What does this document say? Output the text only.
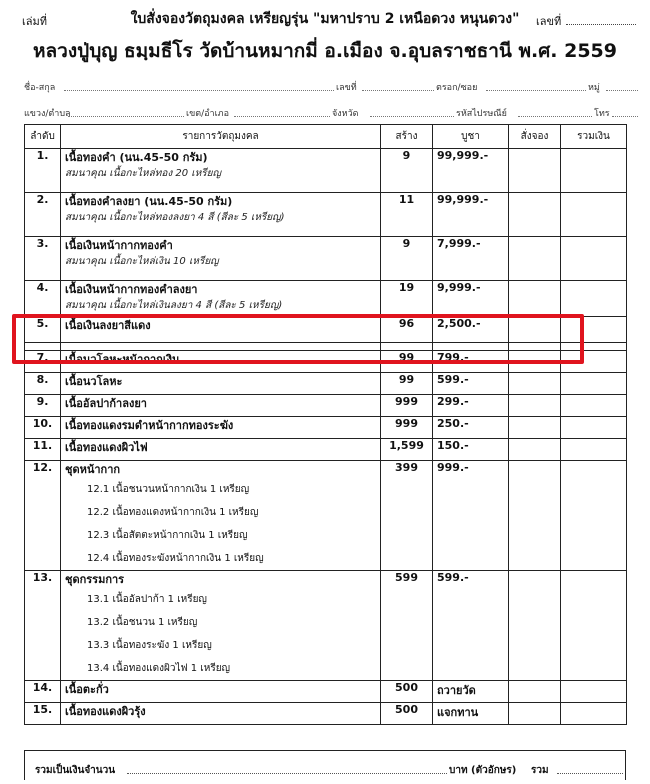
เล่มที่	ใบสั่งจองวัตถุมงคล เหรียญรุ่น "มหาปราบ 2 เหนือดวง หนุนดวง"	เลขที่
หลวงปู่บุญ ธมฺมธีโร วัดบ้านหมากมี่ อ.เมือง จ.อุบลราชธานี พ.ศ. 2559
ชื่อ-สกุล	เลขที่	ตรอก/ซอย	หมู่
แขวง/ตำบล	เขต/อำเภอ	จังหวัด	รหัสไปรษณีย์	โทร
ลำดับ	รายการวัตถุมงคล	สร้าง	บูชา	สั่งจอง	รวมเงิน
1.	เนื้อทองคำ (นน.45-50 กรัม)
สมนาคุณ เนื้อกะไหล่ทอง 20 เหรียญ	9	99,999.-		
2.	เนื้อทองคำลงยา (นน.45-50 กรัม)
สมนาคุณ เนื้อกะไหล่ทองลงยา 4 สี (สีละ 5 เหรียญ)	11	99,999.-		
3.	เนื้อเงินหน้ากากทองคำ
สมนาคุณ เนื้อกะไหล่เงิน 10 เหรียญ	9	7,999.-		
4.	เนื้อเงินหน้ากากทองคำลงยา
สมนาคุณ เนื้อกะไหล่เงินลงยา 4 สี (สีละ 5 เหรียญ)	19	9,999.-		
5.	เนื้อเงินลงยาสีแดง	96	2,500.-		

7.	เนื้อนวโลหะหน้ากากเงิน	99	799.-		
8.	เนื้อนวโลหะ	99	599.-		
9.	เนื้ออัลปาก้าลงยา	999	299.-		
10.	เนื้อทองแดงรมดำหน้ากากทองระฆัง	999	250.-		
11.	เนื้อทองแดงผิวไฟ	1,599	150.-		
12.	ชุดหน้ากาก
12.1 เนื้อชนวนหน้ากากเงิน 1 เหรียญ
12.2 เนื้อทองแดงหน้ากากเงิน 1 เหรียญ
12.3 เนื้อสัตตะหน้ากากเงิน 1 เหรียญ
12.4 เนื้อทองระฆังหน้ากากเงิน 1 เหรียญ	399	999.-		
13.	ชุดกรรมการ
13.1 เนื้ออัลปาก้า 1 เหรียญ
13.2 เนื้อชนวน 1 เหรียญ
13.3 เนื้อทองระฆัง 1 เหรียญ
13.4 เนื้อทองแดงผิวไฟ 1 เหรียญ	599	599.-		
14.	เนื้อตะกั่ว	500	ถวายวัด		
15.	เนื้อทองแดงผิวรุ้ง	500	แจกทาน		
รวมเป็นเงินจำนวน	บาท (ตัวอักษร) รวม
